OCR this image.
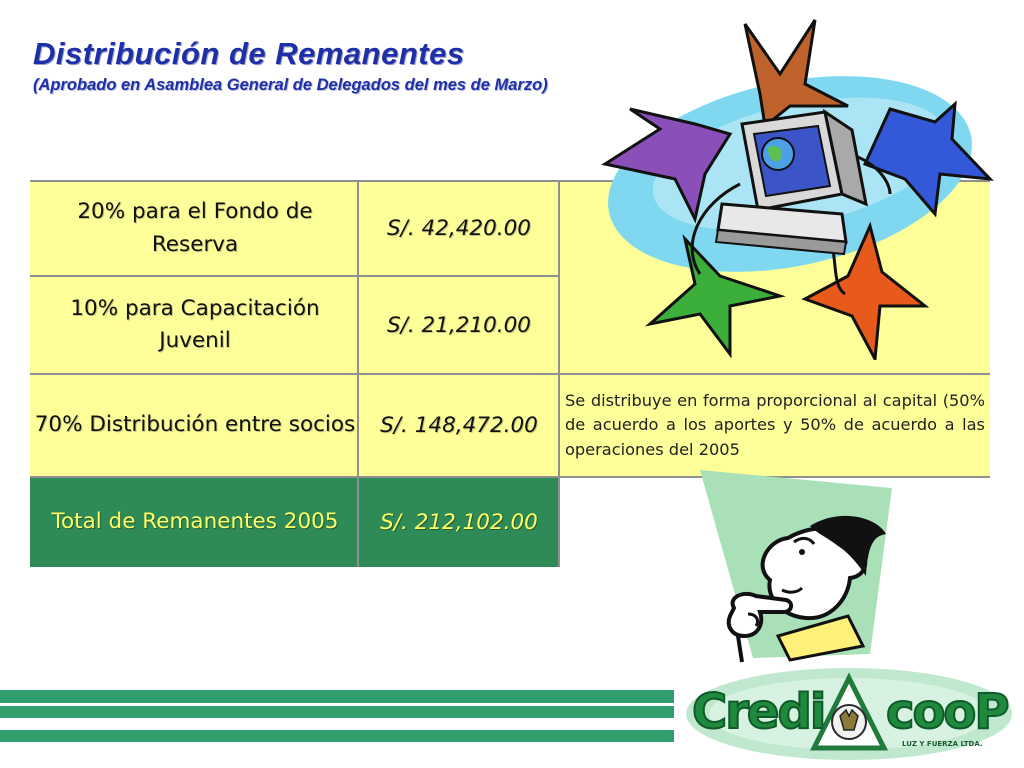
Distribución de Remanentes

(Aprobado en Asamblea General de Delegados del mes de Marzo)

20% para el Fondo de Reserva
S/. 42,420.00
10% para Capacitación Juvenil
S/. 21,210.00
70% Distribución entre socios	S/. 148,472.00
Se distribuye en forma proporcional al capital (50% de acuerdo a los aportes y 50% de acuerdo a las operaciones del 2005
Total de Remanentes 2005	S/. 212,102.00
Credi cooP
LUZ Y FUERZA LTDA.
